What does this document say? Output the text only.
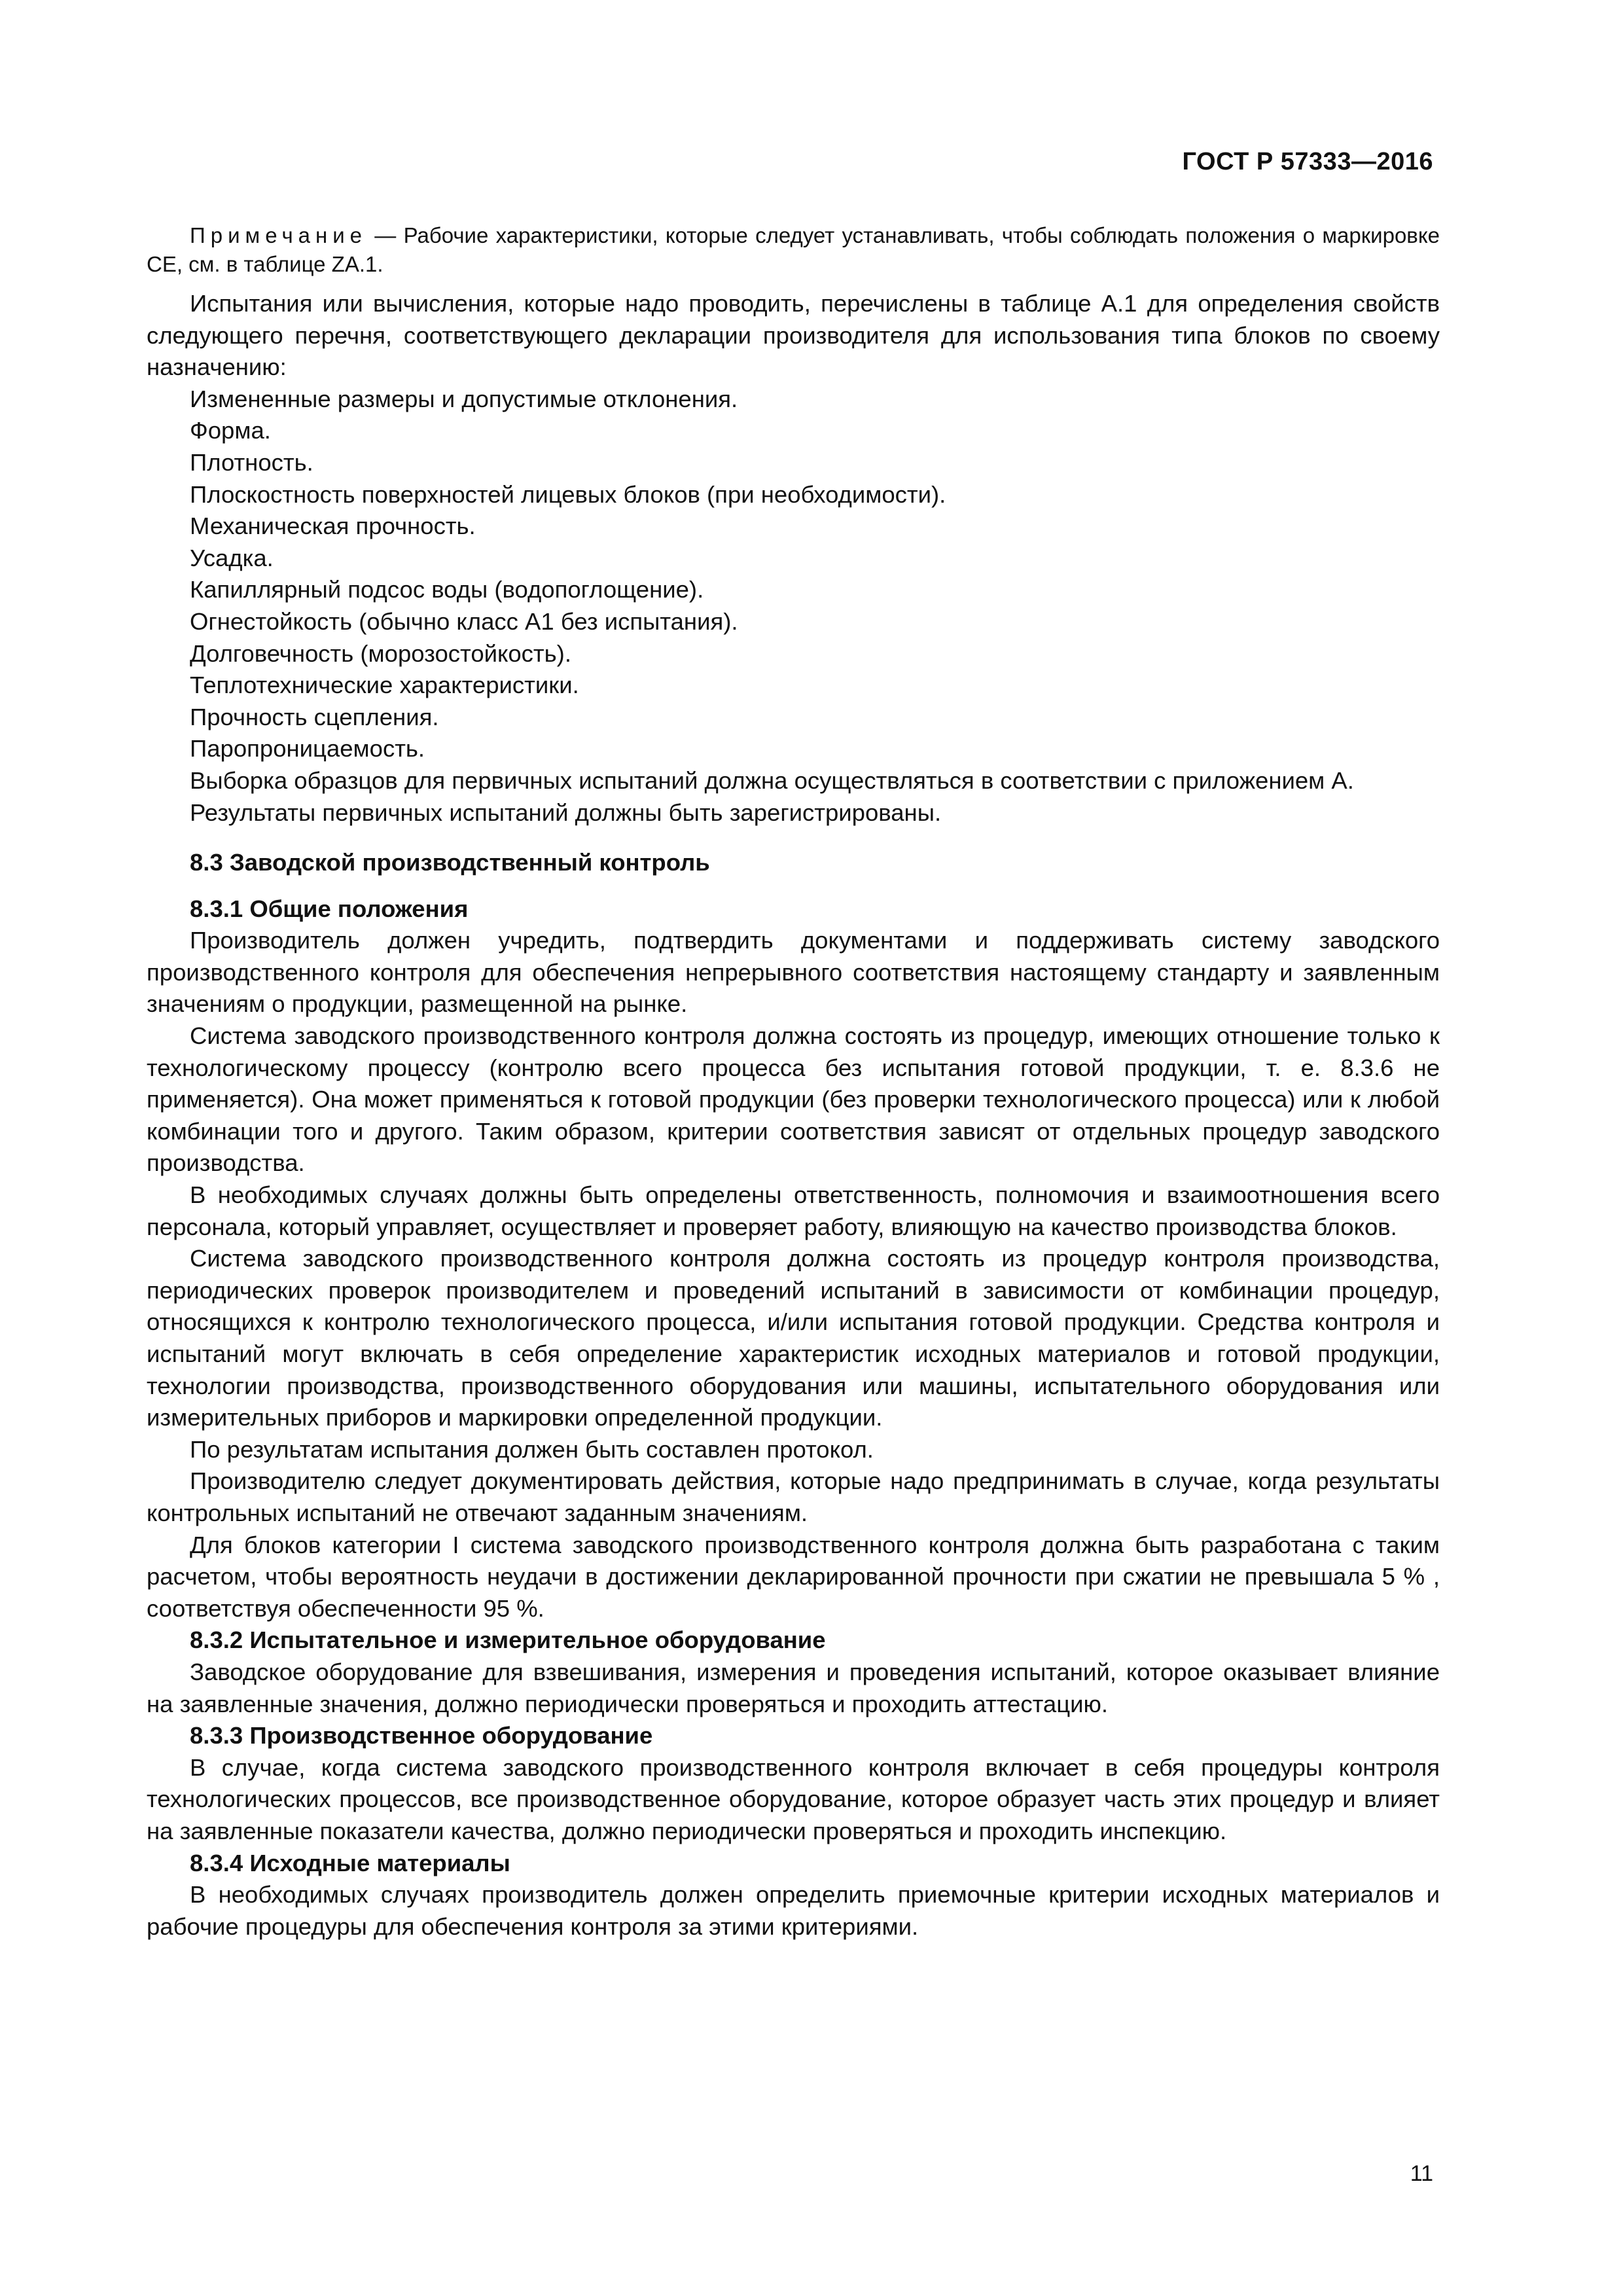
ГОСТ Р 57333—2016

Примечание — Рабочие характеристики, которые следует устанавливать, чтобы соблюдать положения о маркировке CE, см. в таблице ZA.1.

Испытания или вычисления, которые надо проводить, перечислены в таблице А.1 для определения свойств следующего перечня, соответствующего декларации производителя для использования типа блоков по своему назначению:

Измененные размеры и допустимые отклонения.

Форма.

Плотность.

Плоскостность поверхностей лицевых блоков (при необходимости).

Механическая прочность.

Усадка.

Капиллярный подсос воды (водопоглощение).

Огнестойкость (обычно класс А1 без испытания).

Долговечность (морозостойкость).

Теплотехнические характеристики.

Прочность сцепления.

Паропроницаемость.

Выборка образцов для первичных испытаний должна осуществляться в соответствии с приложением А.

Результаты первичных испытаний должны быть зарегистрированы.

8.3 Заводской производственный контроль

8.3.1 Общие положения

Производитель должен учредить, подтвердить документами и поддерживать систему заводского производственного контроля для обеспечения непрерывного соответствия настоящему стандарту и заявленным значениям о продукции, размещенной на рынке.

Система заводского производственного контроля должна состоять из процедур, имеющих отношение только к технологическому процессу (контролю всего процесса без испытания готовой продукции, т. е. 8.3.6 не применяется). Она может применяться к готовой продукции (без проверки технологического процесса) или к любой комбинации того и другого. Таким образом, критерии соответствия зависят от отдельных процедур заводского производства.

В необходимых случаях должны быть определены ответственность, полномочия и взаимоотношения всего персонала, который управляет, осуществляет и проверяет работу, влияющую на качество производства блоков.

Система заводского производственного контроля должна состоять из процедур контроля производства, периодических проверок производителем и проведений испытаний в зависимости от комбинации процедур, относящихся к контролю технологического процесса, и/или испытания готовой продукции. Средства контроля и испытаний могут включать в себя определение характеристик исходных материалов и готовой продукции, технологии производства, производственного оборудования или машины, испытательного оборудования или измерительных приборов и маркировки определенной продукции.

По результатам испытания должен быть составлен протокол.

Производителю следует документировать действия, которые надо предпринимать в случае, когда результаты контрольных испытаний не отвечают заданным значениям.

Для блоков категории I система заводского производственного контроля должна быть разработана с таким расчетом, чтобы вероятность неудачи в достижении декларированной прочности при сжатии не превышала 5 % , соответствуя обеспеченности 95 %.

8.3.2 Испытательное и измерительное оборудование

Заводское оборудование для взвешивания, измерения и проведения испытаний, которое оказывает влияние на заявленные значения, должно периодически проверяться и проходить аттестацию.

8.3.3 Производственное оборудование

В случае, когда система заводского производственного контроля включает в себя процедуры контроля технологических процессов, все производственное оборудование, которое образует часть этих процедур и влияет на заявленные показатели качества, должно периодически проверяться и проходить инспекцию.

8.3.4 Исходные материалы

В необходимых случаях производитель должен определить приемочные критерии исходных материалов и рабочие процедуры для обеспечения контроля за этими критериями.

11
